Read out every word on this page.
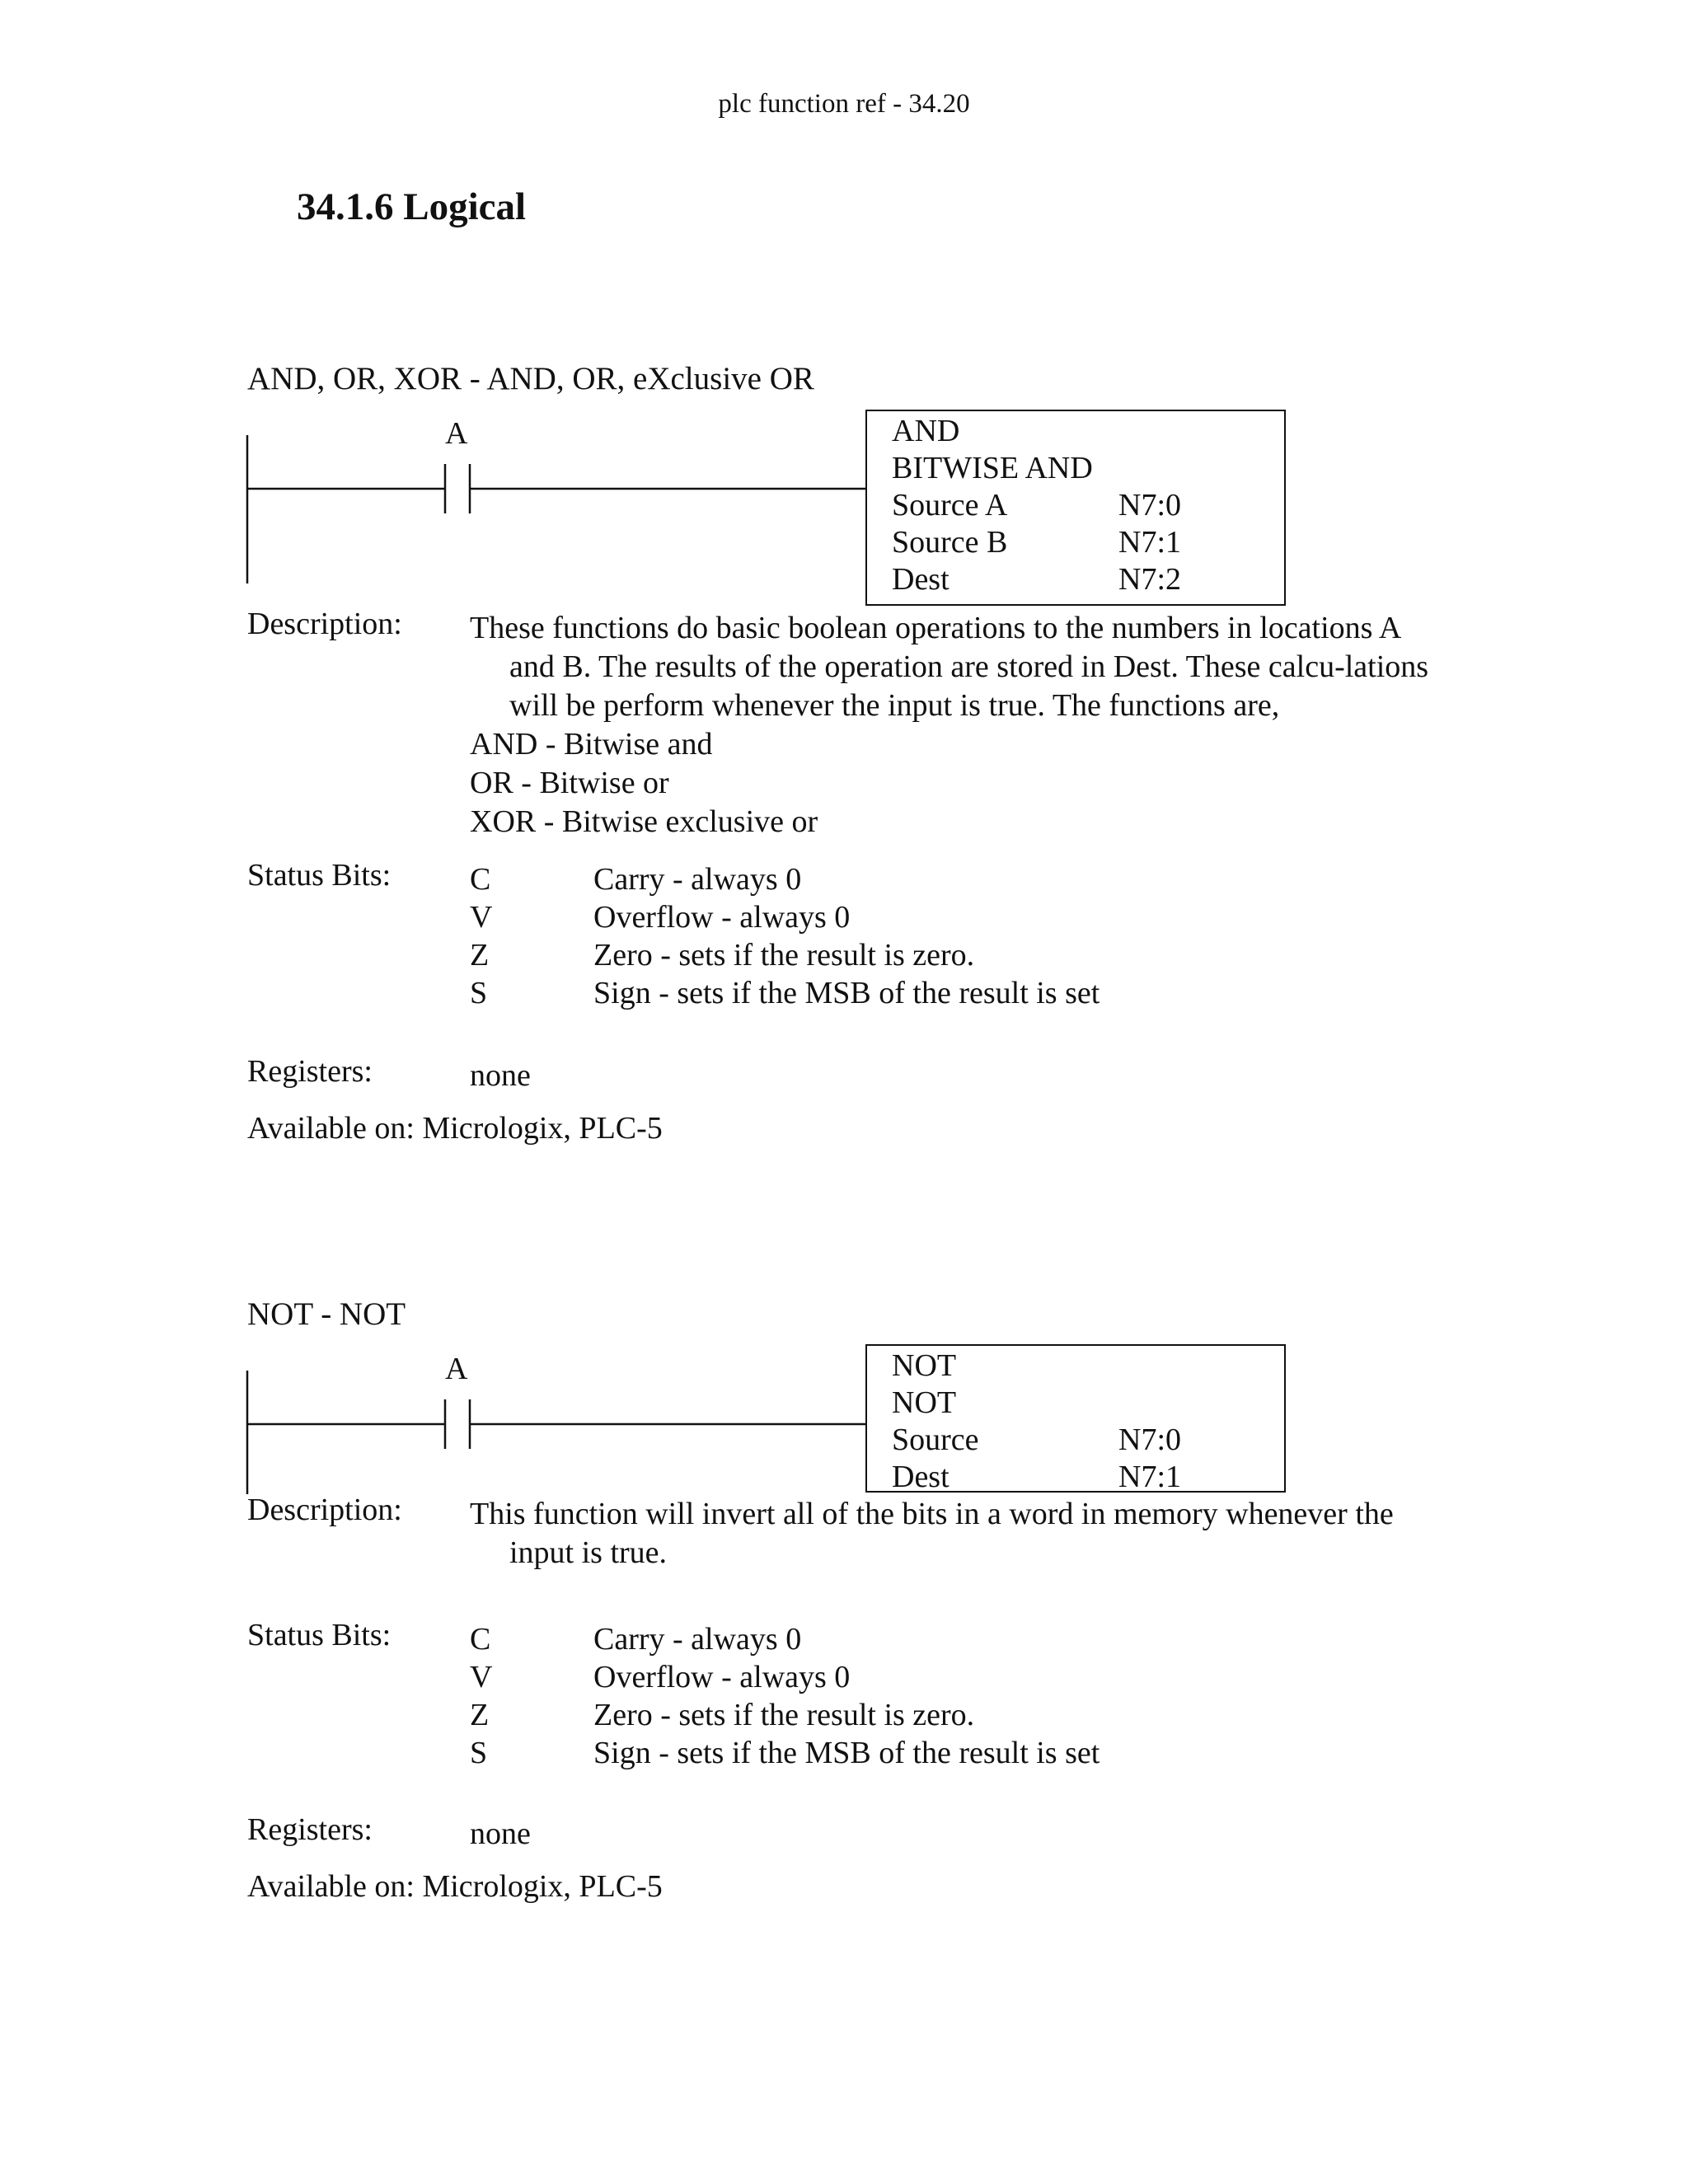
plc function ref - 34.20
34.1.6 Logical
AND, OR, XOR - AND, OR, eXclusive OR
A	AND
BITWISE AND
Source A	N7:0
Source B	N7:1
Dest	N7:2
Description: These functions do basic boolean operations to the numbers in locations A and B. The results of the operation are stored in Dest. These calcu-lations will be perform whenever the input is true. The functions are,

AND - Bitwise and

OR - Bitwise or

XOR - Bitwise exclusive or

Status Bits:	C	Carry - always 0
V	Overflow - always 0
Z	Zero - sets if the result is zero.
S	Sign - sets if the MSB of the result is set
Registers:	none
Available on: Micrologix, PLC-5
NOT - NOT
A	NOT
NOT
Source	N7:0
Dest	N7:1
Description: This function will invert all of the bits in a word in memory whenever the input is true.

Status Bits:	C	Carry - always 0
V	Overflow - always 0
Z	Zero - sets if the result is zero.
S	Sign - sets if the MSB of the result is set
Registers:	none
Available on: Micrologix, PLC-5
